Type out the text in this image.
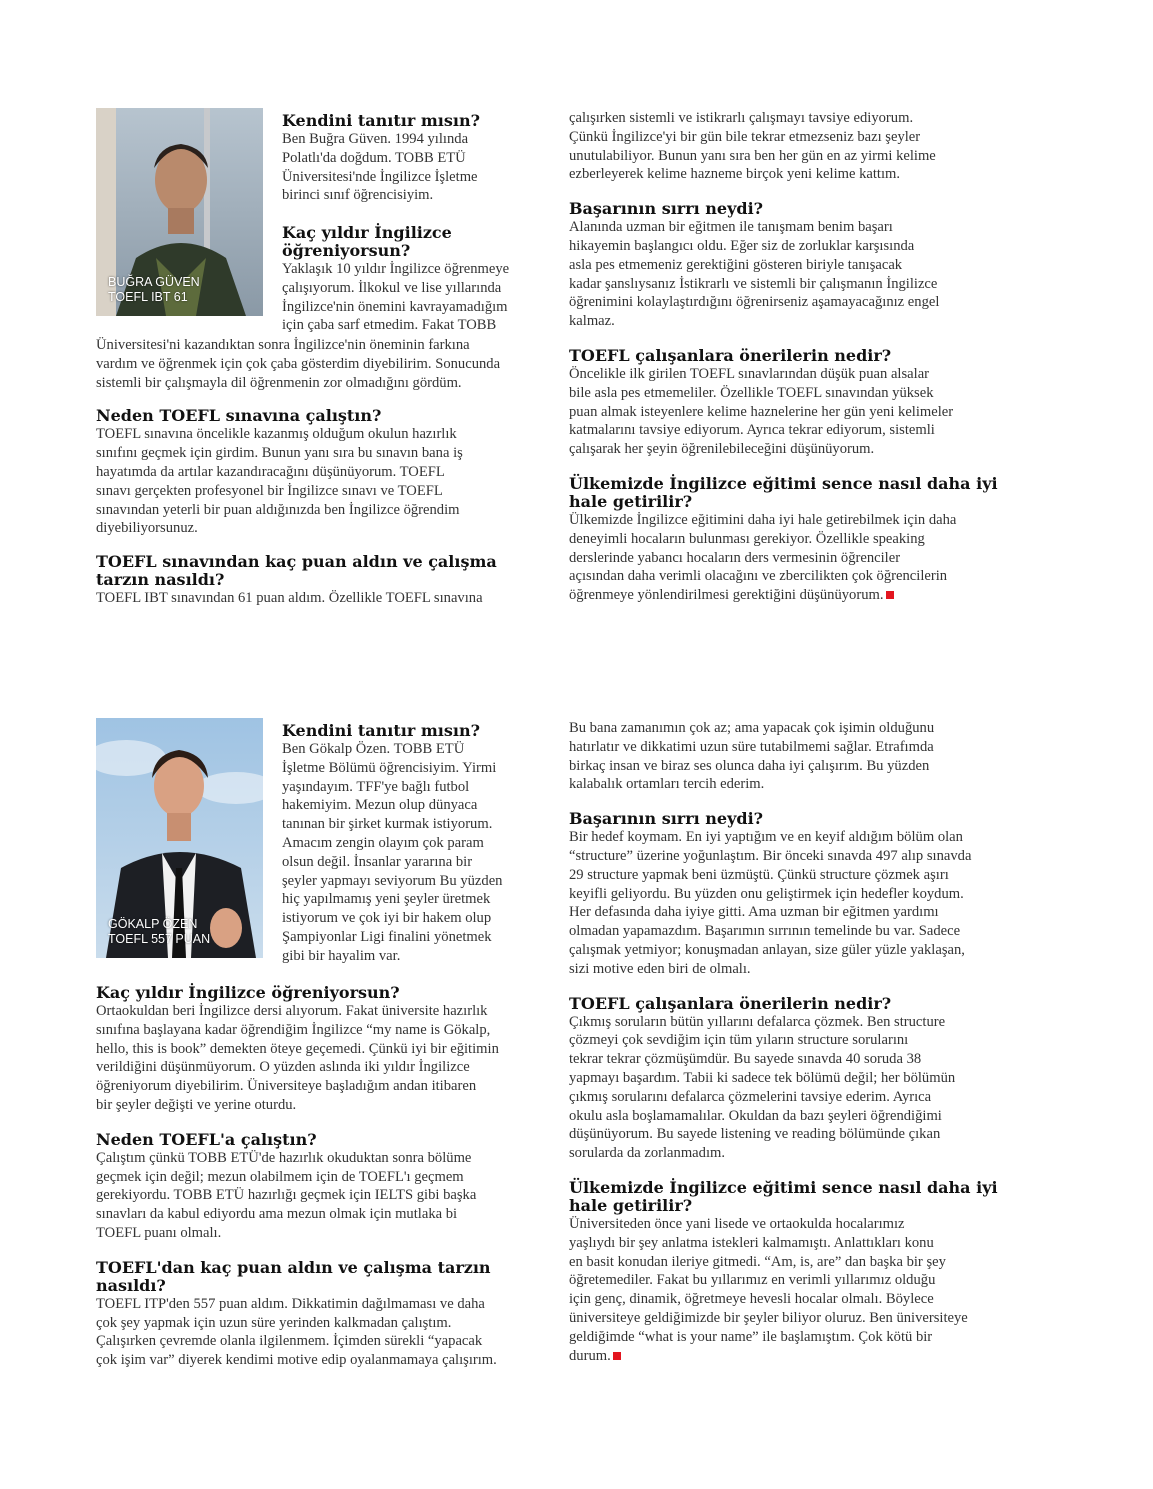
BUĞRA GÜVEN
TOEFL IBT 61
Kendini tanıtır mısın?
Ben Buğra Güven. 1994 yılında
Polatlı'da doğdum. TOBB ETÜ
Üniversitesi'nde İngilizce İşletme
birinci sınıf öğrencisiyim.
Kaç yıldır İngilizce
öğreniyorsun?
Yaklaşık 10 yıldır İngilizce öğrenmeye
çalışıyorum. İlkokul ve lise yıllarında
İngilizce'nin önemini kavrayamadığım
için çaba sarf etmedim. Fakat TOBB
Üniversitesi'ni kazandıktan sonra İngilizce'nin öneminin farkına
vardım ve öğrenmek için çok çaba gösterdim diyebilirim. Sonucunda
sistemli bir çalışmayla dil öğrenmenin zor olmadığını gördüm.
Neden TOEFL sınavına çalıştın?
TOEFL sınavına öncelikle kazanmış olduğum okulun hazırlık
sınıfını geçmek için girdim. Bunun yanı sıra bu sınavın bana iş
hayatımda da artılar kazandıracağını düşünüyorum. TOEFL
sınavı gerçekten profesyonel bir İngilizce sınavı ve TOEFL
sınavından yeterli bir puan aldığınızda ben İngilizce öğrendim
diyebiliyorsunuz.
TOEFL sınavından kaç puan aldın ve çalışma
tarzın nasıldı?
TOEFL IBT sınavından 61 puan aldım. Özellikle TOEFL sınavına
çalışırken sistemli ve istikrarlı çalışmayı tavsiye ediyorum.
Çünkü İngilizce'yi bir gün bile tekrar etmezseniz bazı şeyler
unutulabiliyor. Bunun yanı sıra ben her gün en az yirmi kelime
ezberleyerek kelime hazneme birçok yeni kelime kattım.
Başarının sırrı neydi?
Alanında uzman bir eğitmen ile tanışmam benim başarı
hikayemin başlangıcı oldu. Eğer siz de zorluklar karşısında
asla pes etmemeniz gerektiğini gösteren biriyle tanışacak
kadar şanslıysanız İstikrarlı ve sistemli bir çalışmanın İngilizce
öğrenimini kolaylaştırdığını öğrenirseniz aşamayacağınız engel
kalmaz.
TOEFL çalışanlara önerilerin nedir?
Öncelikle ilk girilen TOEFL sınavlarından düşük puan alsalar
bile asla pes etmemeliler. Özellikle TOEFL sınavından yüksek
puan almak isteyenlere kelime haznelerine her gün yeni kelimeler
katmalarını tavsiye ediyorum. Ayrıca tekrar ediyorum, sistemli
çalışarak her şeyin öğrenilebileceğini düşünüyorum.
Ülkemizde İngilizce eğitimi sence nasıl daha iyi
hale getirilir?
Ülkemizde İngilizce eğitimini daha iyi hale getirebilmek için daha
deneyimli hocaların bulunması gerekiyor. Özellikle speaking
derslerinde yabancı hocaların ders vermesinin öğrenciler
açısından daha verimli olacağını ve zbercilikten çok öğrencilerin
öğrenmeye yönlendirilmesi gerektiğini düşünüyorum.
GÖKALP ÖZEN
TOEFL 557 PUAN
Kendini tanıtır mısın?
Ben Gökalp Özen. TOBB ETÜ
İşletme Bölümü öğrencisiyim. Yirmi
yaşındayım. TFF'ye bağlı futbol
hakemiyim. Mezun olup dünyaca
tanınan bir şirket kurmak istiyorum.
Amacım zengin olayım çok param
olsun değil. İnsanlar yararına bir
şeyler yapmayı seviyorum Bu yüzden
hiç yapılmamış yeni şeyler üretmek
istiyorum ve çok iyi bir hakem olup
Şampiyonlar Ligi finalini yönetmek
gibi bir hayalim var.
Kaç yıldır İngilizce öğreniyorsun?
Ortaokuldan beri İngilizce dersi alıyorum. Fakat üniversite hazırlık
sınıfına başlayana kadar öğrendiğim İngilizce “my name is Gökalp,
hello, this is book” demekten öteye geçemedi. Çünkü iyi bir eğitimin
verildiğini düşünmüyorum. O yüzden aslında iki yıldır İngilizce
öğreniyorum diyebilirim. Üniversiteye başladığım andan itibaren
bir şeyler değişti ve yerine oturdu.
Neden TOEFL'a çalıştın?
Çalıştım çünkü TOBB ETÜ'de hazırlık okuduktan sonra bölüme
geçmek için değil; mezun olabilmem için de TOEFL'ı geçmem
gerekiyordu. TOBB ETÜ hazırlığı geçmek için IELTS gibi başka
sınavları da kabul ediyordu ama mezun olmak için mutlaka bi
TOEFL puanı olmalı.
TOEFL'dan kaç puan aldın ve çalışma tarzın
nasıldı?
TOEFL ITP'den 557 puan aldım. Dikkatimin dağılmaması ve daha
çok şey yapmak için uzun süre yerinden kalkmadan çalıştım.
Çalışırken çevremde olanla ilgilenmem. İçimden sürekli “yapacak
çok işim var” diyerek kendimi motive edip oyalanmamaya çalışırım.
Bu bana zamanımın çok az; ama yapacak çok işimin olduğunu
hatırlatır ve dikkatimi uzun süre tutabilmemi sağlar. Etrafımda
birkaç insan ve biraz ses olunca daha iyi çalışırım. Bu yüzden
kalabalık ortamları tercih ederim.
Başarının sırrı neydi?
Bir hedef koymam. En iyi yaptığım ve en keyif aldığım bölüm olan
“structure” üzerine yoğunlaştım. Bir önceki sınavda 497 alıp sınavda
29 structure yapmak beni üzmüştü. Çünkü structure çözmek aşırı
keyifli geliyordu. Bu yüzden onu geliştirmek için hedefler koydum.
Her defasında daha iyiye gitti. Ama uzman bir eğitmen yardımı
olmadan yapamazdım. Başarımın sırrının temelinde bu var. Sadece
çalışmak yetmiyor; konuşmadan anlayan, size güler yüzle yaklaşan,
sizi motive eden biri de olmalı.
TOEFL çalışanlara önerilerin nedir?
Çıkmış soruların bütün yıllarını defalarca çözmek. Ben structure
çözmeyi çok sevdiğim için tüm yıların structure sorularını
tekrar tekrar çözmüşümdür. Bu sayede sınavda 40 soruda 38
yapmayı başardım. Tabii ki sadece tek bölümü değil; her bölümün
çıkmış sorularını defalarca çözmelerini tavsiye ederim. Ayrıca
okulu asla boşlamamalılar. Okuldan da bazı şeyleri öğrendiğimi
düşünüyorum. Bu sayede listening ve reading bölümünde çıkan
sorularda da zorlanmadım.
Ülkemizde İngilizce eğitimi sence nasıl daha iyi
hale getirilir?
Üniversiteden önce yani lisede ve ortaokulda hocalarımız
yaşlıydı bir şey anlatma istekleri kalmamıştı. Anlattıkları konu
en basit konudan ileriye gitmedi. “Am, is, are” dan başka bir şey
öğretemediler. Fakat bu yıllarımız en verimli yıllarımız olduğu
için genç, dinamik, öğretmeye hevesli hocalar olmalı. Böylece
üniversiteye geldiğimizde bir şeyler biliyor oluruz. Ben üniversiteye
geldiğimde “what is your name” ile başlamıştım. Çok kötü bir
durum.
